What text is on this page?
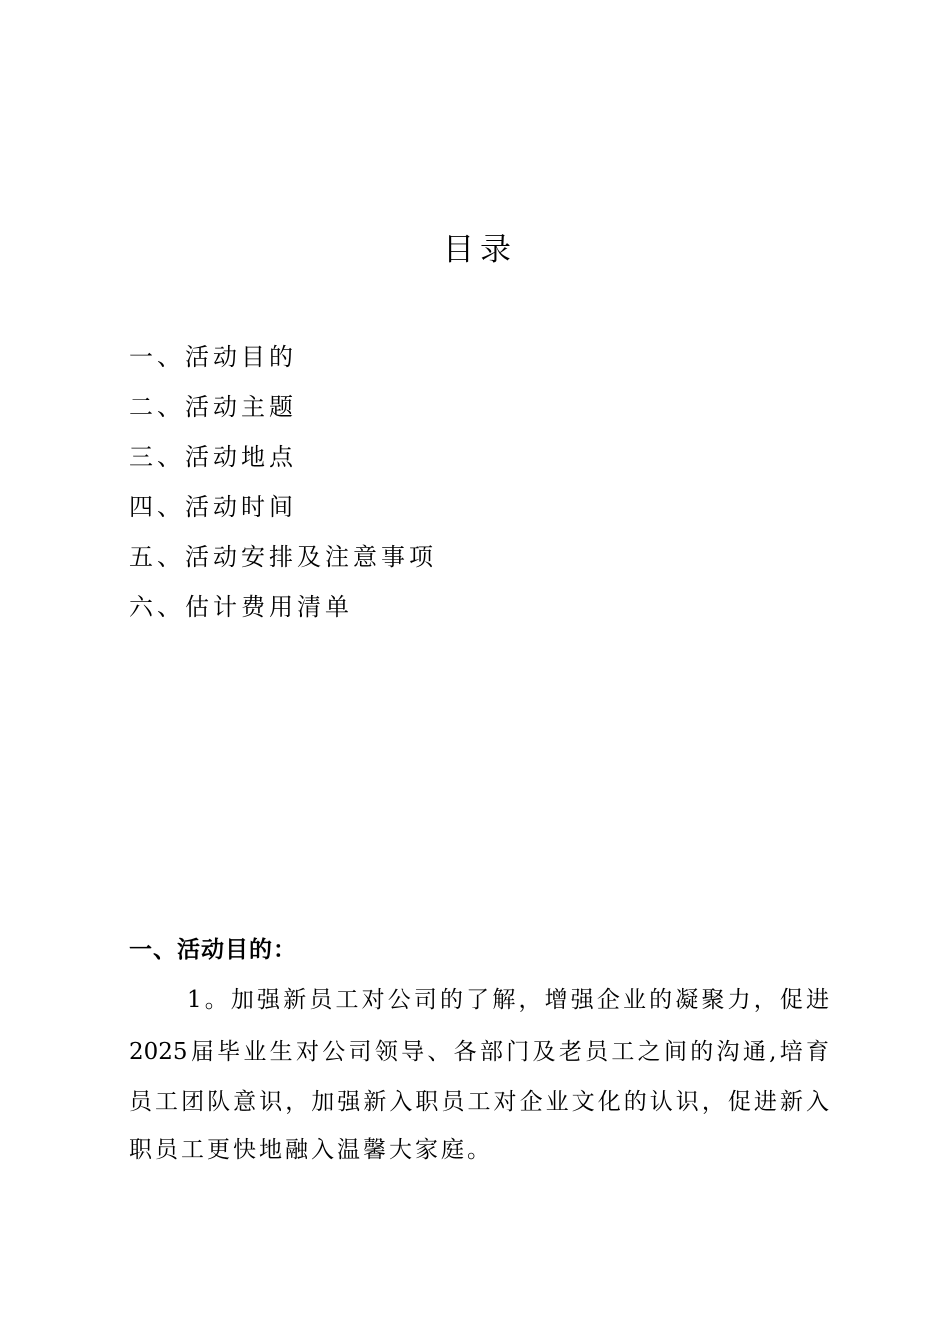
目录
一、活动目的
二、活动主题
三、活动地点
四、活动时间
五、活动安排及注意事项
六、估计费用清单
一、活动目的：
1。加强新员工对公司的了解，增强企业的凝聚力，促进
2025届毕业生对公司领导、各部门及老员工之间的沟通,培育
员工团队意识，加强新入职员工对企业文化的认识，促进新入
职员工更快地融入温馨大家庭。
